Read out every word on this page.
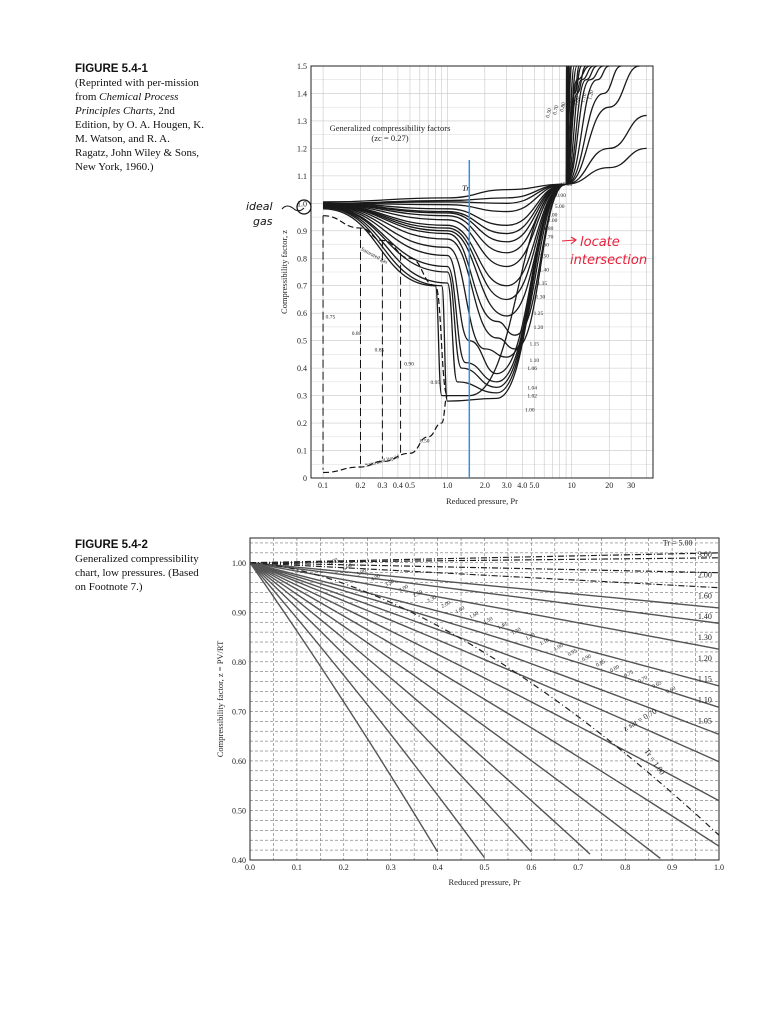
FIGURE 5.4-1
(Reprinted with per-mission from Chemical Process Principles Charts, 2nd Edition, by O. A. Hougen, K. M. Watson, and R. A. Ragatz, John Wiley & Sons, New York, 1960.)
FIGURE 5.4-2
Generalized compressibility chart, low pressures. (Based on Footnote 7.)
0.1	0.2 0.3 0.4 0.5	1.0	2.0 3.0 4.0 5.0	10	20 30
0
0.1
0.2
0.3
0.4
0.5
0.6
0.7
0.8
0.9
1.0
1.1
1.2
1.3
1.4
1.5
Reduced pressure, Pr
Compressibility factor, z
Generalized compressibility factors
(zc = 0.27)
Tr	15.00
10.00
5.00
3.00
2.00
1.80
1.70
1.60
1.50
1.40
1.35
1.30
1.25
1.20
1.15
1.10
1.06
1.04
1.02
1.00
0.95
Saturated gas
Saturated liquid
0.75
0.80
0.85
0.90
0.50
0.50
0.70
0.80
0.90
1.00
1.10
1.20
ideal
gas
locate
intersection
0.0	0.1	0.2	0.3	0.4	0.5	0.6	0.7	0.8	0.9	1.0
0.40
0.50
0.60
0.70
0.80
0.90
1.00
Reduced pressure, Pr
Compressibility factor, z = PV/RT
Tr = 5.00
3.00
2.00
1.60
1.40
1.30
1.20
1.15
1.10
1.05
Tr = 1.00
z sat = 0.70
8.00
6.00
5.00
4.00
3.50
3.00
2.50
2.30
2.00
1.80
1.60
1.50
1.40
1.30
1.20
1.10
1.00
0.95
0.90
0.85
0.80
0.75
0.70
0.65
0.60
